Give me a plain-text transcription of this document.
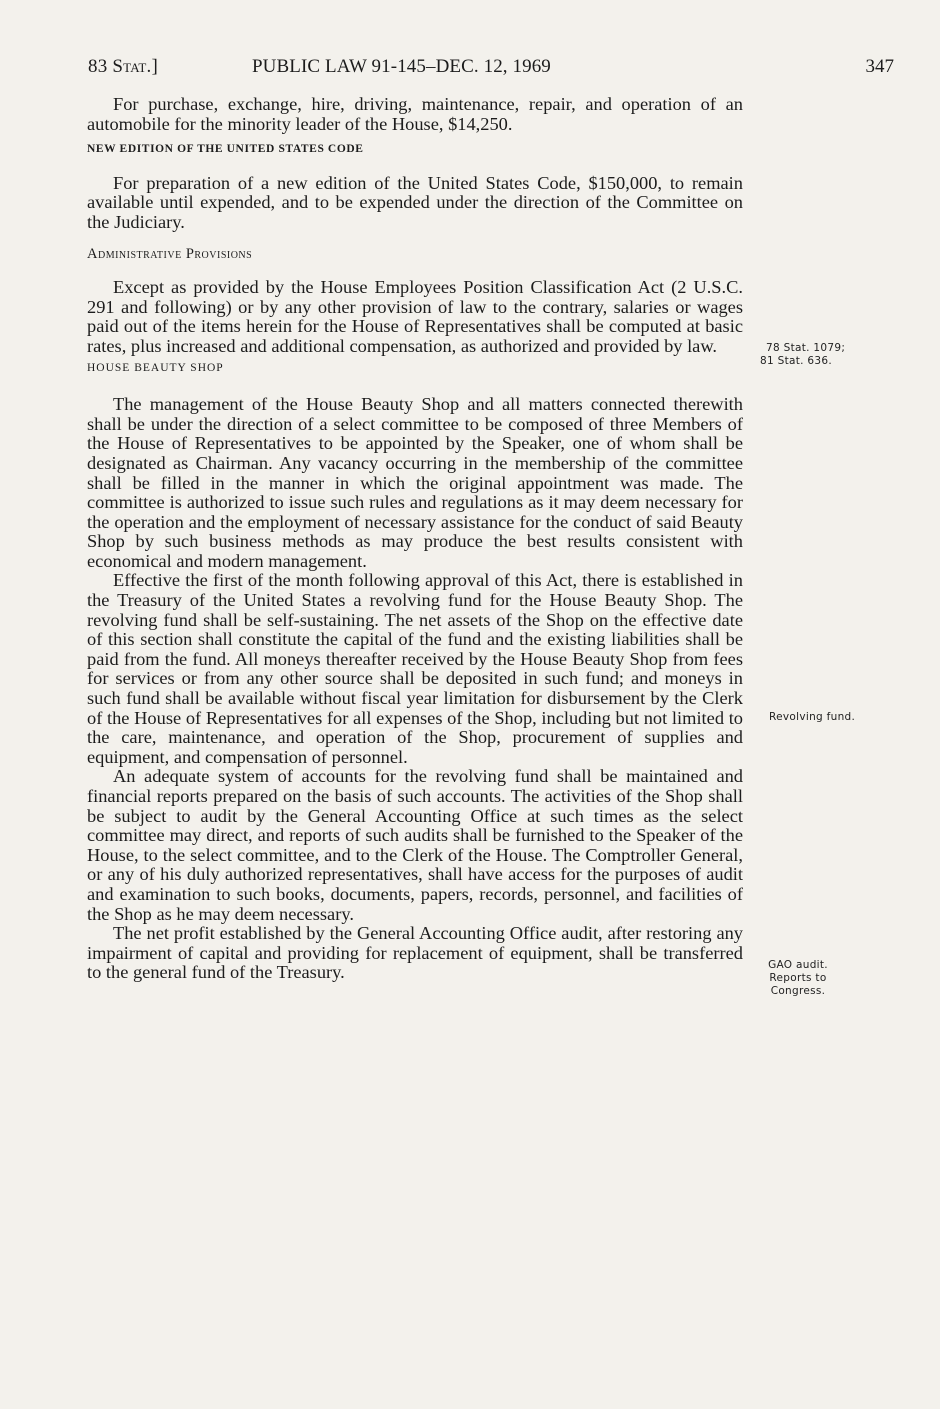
83 Stat.]	PUBLIC LAW 91-145–DEC. 12, 1969	347

For purchase, exchange, hire, driving, maintenance, repair, and operation of an automobile for the minority leader of the House, $14,250.

NEW EDITION OF THE UNITED STATES CODE

For preparation of a new edition of the United States Code, $150,000, to remain available until expended, and to be expended under the direction of the Committee on the Judiciary.

Administrative Provisions

Except as provided by the House Employees Position Classification Act (2 U.S.C. 291 and following) or by any other provision of law to the contrary, salaries or wages paid out of the items herein for the House of Representatives shall be computed at basic rates, plus increased and additional compensation, as authorized and provided by law.

HOUSE BEAUTY SHOP

The management of the House Beauty Shop and all matters connected therewith shall be under the direction of a select committee to be composed of three Members of the House of Representatives to be appointed by the Speaker, one of whom shall be designated as Chairman. Any vacancy occurring in the membership of the committee shall be filled in the manner in which the original appointment was made. The committee is authorized to issue such rules and regulations as it may deem necessary for the operation and the employment of necessary assistance for the conduct of said Beauty Shop by such business methods as may produce the best results consistent with economical and modern management.

Effective the first of the month following approval of this Act, there is established in the Treasury of the United States a revolving fund for the House Beauty Shop. The revolving fund shall be self-sustaining. The net assets of the Shop on the effective date of this section shall constitute the capital of the fund and the existing liabilities shall be paid from the fund. All moneys thereafter received by the House Beauty Shop from fees for services or from any other source shall be deposited in such fund; and moneys in such fund shall be available without fiscal year limitation for disbursement by the Clerk of the House of Representatives for all expenses of the Shop, including but not limited to the care, maintenance, and operation of the Shop, procurement of supplies and equipment, and compensation of personnel.

An adequate system of accounts for the revolving fund shall be maintained and financial reports prepared on the basis of such accounts. The activities of the Shop shall be subject to audit by the General Accounting Office at such times as the select committee may direct, and reports of such audits shall be furnished to the Speaker of the House, to the select committee, and to the Clerk of the House. The Comptroller General, or any of his duly authorized representatives, shall have access for the purposes of audit and examination to such books, documents, papers, records, personnel, and facilities of the Shop as he may deem necessary.

The net profit established by the General Accounting Office audit, after restoring any impairment of capital and providing for replacement of equipment, shall be transferred to the general fund of the Treasury.

78 Stat. 1079;
81 Stat. 636.
Revolving fund.
GAO audit.
Reports to
Congress.
